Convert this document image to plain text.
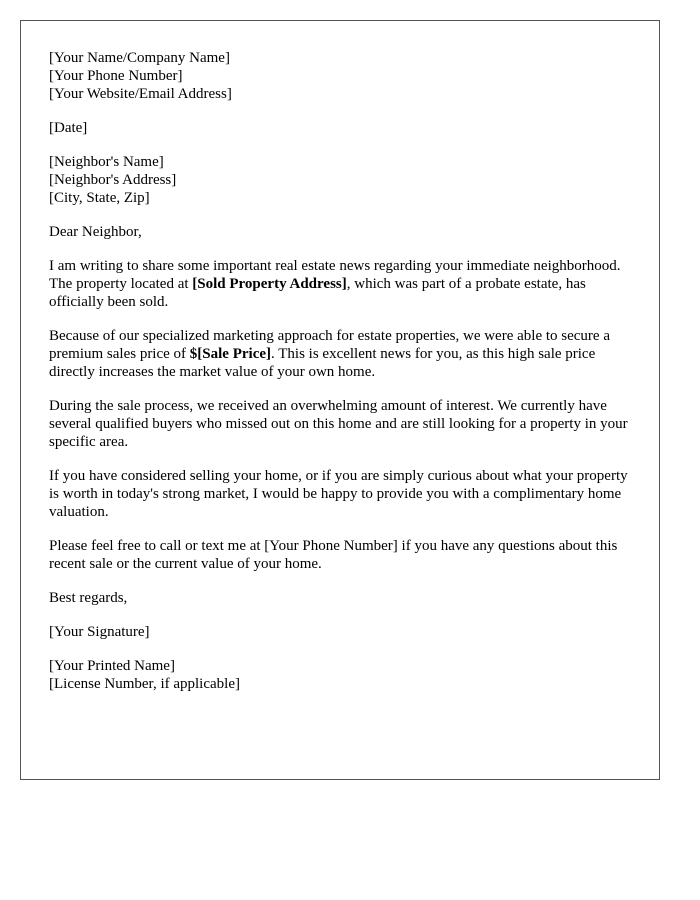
[Your Name/Company Name]
[Your Phone Number]
[Your Website/Email Address]
[Date]
[Neighbor's Name]
[Neighbor's Address]
[City, State, Zip]
Dear Neighbor,

I am writing to share some important real estate news regarding your immediate neighborhood. The property located at [Sold Property Address], which was part of a probate estate, has officially been sold.

Because of our specialized marketing approach for estate properties, we were able to secure a premium sales price of $[Sale Price]. This is excellent news for you, as this high sale price directly increases the market value of your own home.

During the sale process, we received an overwhelming amount of interest. We currently have several qualified buyers who missed out on this home and are still looking for a property in your specific area.

If you have considered selling your home, or if you are simply curious about what your property is worth in today's strong market, I would be happy to provide you with a complimentary home valuation.

Please feel free to call or text me at [Your Phone Number] if you have any questions about this recent sale or the current value of your home.

Best regards,
[Your Signature]
[Your Printed Name]
[License Number, if applicable]
